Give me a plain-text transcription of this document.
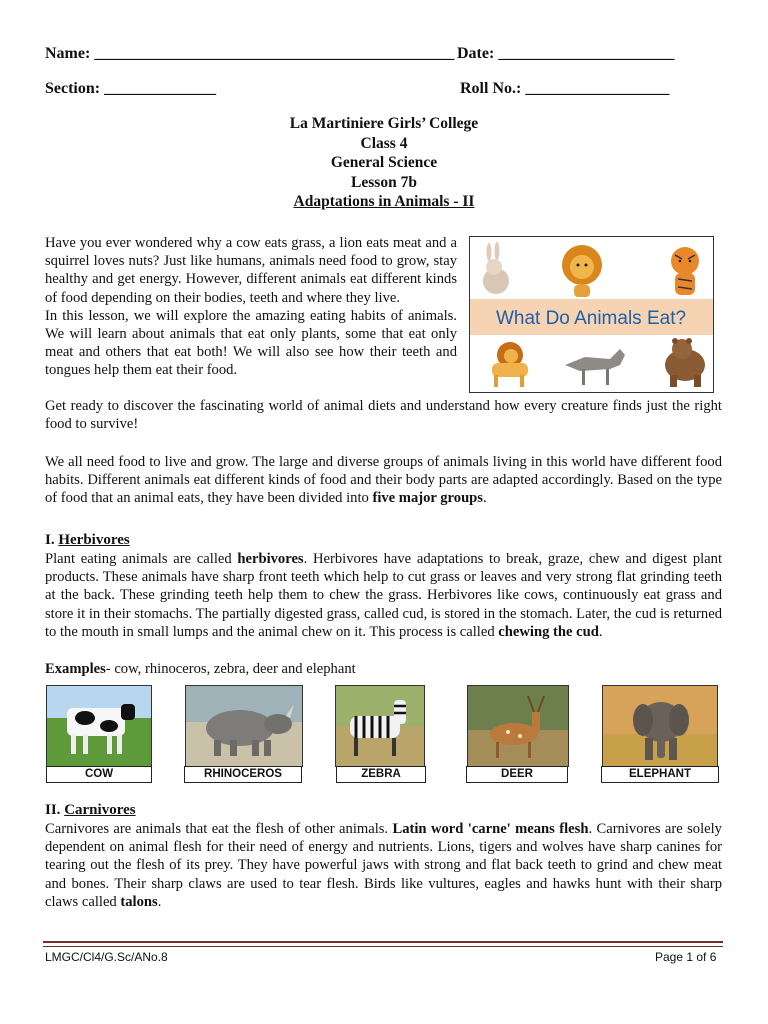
Name: _____________________________________________ Date: ______________________
Section: ______________	Roll No.: __________________
La Martiniere Girls’ College
Class 4
General Science
Lesson 7b
Adaptations in Animals - II
What Do Animals Eat?
Have you ever wondered why a cow eats grass, a lion eats meat and a squirrel loves nuts? Just like humans, animals need food to grow, stay healthy and get energy. However, different animals eat different kinds of food depending on their bodies, teeth and where they live.
In this lesson, we will explore the amazing eating habits of animals. We will learn about animals that eat only plants, some that eat only meat and others that eat both! We will also see how their teeth and tongues help them eat their food.
Get ready to discover the fascinating world of animal diets and understand how every creature finds just the right food to survive!
We all need food to live and grow. The large and diverse groups of animals living in this world have different food habits. Different animals eat different kinds of food and their body parts are adapted accordingly. Based on the type of food that an animal eats, they have been divided into five major groups.
I. Herbivores
Plant eating animals are called herbivores. Herbivores have adaptations to break, graze, chew and digest plant products. These animals have sharp front teeth which help to cut grass or leaves and very strong flat grinding teeth at the back. These grinding teeth help them to chew the grass. Herbivores like cows, continuously eat grass and store it in their stomachs. The partially digested grass, called cud, is stored in the stomach. Later, the cud is returned to the mouth in small lumps and the animal chew on it. This process is called chewing the cud.
Examples- cow, rhinoceros, zebra, deer and elephant
COW	RHINOCEROS	ZEBRA	DEER	ELEPHANT
II. Carnivores
Carnivores are animals that eat the flesh of other animals. Latin word 'carne' means flesh. Carnivores are solely dependent on animal flesh for their need of energy and nutrients. Lions, tigers and wolves have sharp canines for tearing out the flesh of its prey. They have powerful jaws with strong and flat back teeth to grind and chew meat and bones. Their sharp claws are used to tear flesh. Birds like vultures, eagles and hawks hunt with their sharp claws called talons.
LMGC/Cl4/G.Sc/ANo.8	Page 1 of 6
